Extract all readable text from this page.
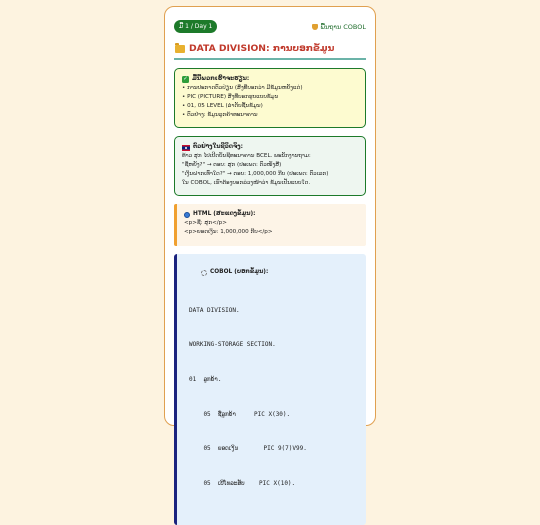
ມື້ 1 / Day 1	ພື້ນຖານ COBOL
DATA DIVISION: ການບອກຂໍ້ມູນ
✓ ມື້ນີ້ພວກເຮົາຈະຮຽນ:
• ການປະກາດຕົວປ່ຽນ (ສິ່ງທີ່ບອກວ່າ ມີຂໍ້ມູນຫຍັງແດ່)
• PIC (PICTURE) ສິ່ງທີ່ບອກຮູບແບບຂໍ້ມູນ
• 01, 05 LEVEL (ລຳດັບຊັ້ນຂໍ້ມູນ)
• ຕົວຢ່າງ: ຂໍ້ມູນລູກຄ້າທະນາຄານ
ຕົວຢ່າງໃນຊີວິດຈິງ:
ທ້າວ ສຸກ ໄປເປີດບັນຊີທະນາຄານ BCEL. ພະນັກງານຖາມ:
"ຊື່ຫຍັງ?" → ຕອບ: ສຸກ (ປະເພດ: ຕົວໜັງສື)
"ເງິນຝາກເທົ່າໃດ?" → ຕອບ: 1,000,000 ກີບ (ປະເພດ: ຕົວເລກ)
ໃນ COBOL, ເຮົາຕ້ອງບອກລ່ວງໜ້າວ່າ ຂໍ້ມູນເປັນແບບໃດ.
HTML (ສະແດງຂໍ້ມູນ):
<p>ຊື່: ສຸກ</p>
<p>ຍອດເງິນ: 1,000,000 ກີບ</p>
COBOL (ບອກຂໍ້ມູນ):

DATA DIVISION.

WORKING-STORAGE SECTION.

01  ລູກຄ້າ.

05  ຊື່ລູກຄ້າ     PIC X(30).

05  ຍອດເງິນ       PIC 9(7)V99.

05  ເບີໂທລະສັບ    PIC X(10).
